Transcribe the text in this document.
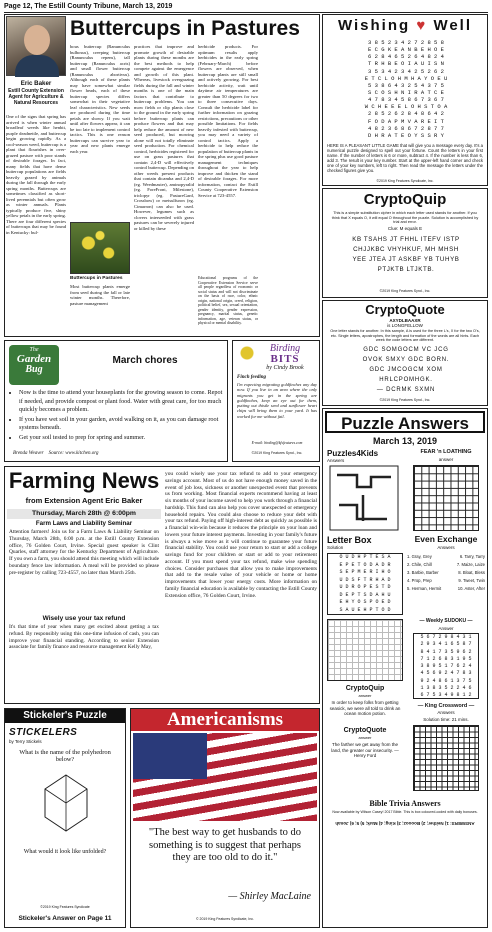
Page 12, The Estill County Tribune, March 13, 2019
Buttercups in Pastures
Eric Baker
Estill County Extension Agent for Agriculture & Natural Resources
One of the signs that spring has arrived is when winter annual broadleaf weeds like henbit, purple deadnettle, and buttercup begin growing rapidly. As a cool-season weed, buttercup is a plant that flourishes in over-grazed pasture with poor stands of desirable forages. In fact, many fields that have dense buttercup populations are fields heavily grazed by animals during the fall through the early spring months. Buttercups are sometimes classified as short-lived perennials but often grow as winter annuals. Plants typically produce five, shiny yellow petals in the early spring. There are four different species of buttercups that may be found in Kentucky: bul-
bous buttercup (Ranunculus bulbosus), creeping buttercup (Ranunculus repens), tall buttercup (Ranunculus acris) and small flower buttercup (Ranunculus abortivus). Although each of these plants may have somewhat similar flower heads, each of these buttercup species differs somewhat in their vegetative leaf characteristics. New seeds are produced during the time petals are showy. If you wait until after flowers appear, it can be too late to implement control tactics. This is one reason buttercups can survive year to year and new plants emerge each year.
Buttercups in Pastures
Most buttercup plants emerge from seed during the fall or late winter months. Therefore, pasture management
practices that improve and promote growth of desirable plants during these months are the best methods to help compete against the emergence and growth of this plant. Whereas, livestock overgrazing fields during the fall and winter months is one of the main factors that contribute to buttercup problems. You can mow fields or clip plants close to the ground in the early spring before buttercup plants can produce flowers and that may help reduce the amount of new seed produced, but mowing alone will not totally eliminate seed production. For chemical control, herbicides registered for use on grass pastures that contain 2,4-D will effectively control buttercup. Depending on other weeds present products that contain dicamba and 2,4-D (eg. Weedmaster), aminopyralid (eg. ForeFront, Milestone), triclopyr (eg. PastureGard, Crossbow) or metsulfuron (eg. Cimarron) can also be used. However, legumes such as clovers interseeded with grass pastures can be severely injured or killed by these
herbicide products. For optimum results apply herbicides in the early spring (February-March) before flowers are observed, when buttercup plants are still small and actively growing. For best herbicide activity, wait until daytime air temperatures are greater than 50 degrees for two to three consecutive days. Consult the herbicide label for further information on grazing restrictions, precautions or other possible limitations. For fields heavily infested with buttercup, you may need a variety of control tactics. Apply a herbicide to help reduce the population of buttercup plants in the spring plus use good pasture management techniques throughout the year to help improve and thicken the stand of desirable forages. For more information, contact the Estill County Cooperative Extension Service at 723-4557.
Educational programs of the Cooperative Extension Service serve all people regardless of economic or social status and will not discriminate on the basis of race, color, ethnic origin, national origin, creed, religion, political belief, sex, sexual orientation, gender identity, gender expression, pregnancy, marital status, genetic information, age, veteran status, or physical or mental disability.
Wishing ♥ Well
3 8 5 2 3 4 2 7 2 8 5 8
E C G K E A N B E H O E
6 2 8 4 6 5 2 6 4 8 2 4
T R H B E O I A U I S N
3 5 3 4 2 3 4 2 5 2 6 2
E T C L O H M H A Y O E U
5 3 8 6 4 3 2 5 4 3 7 5
S C O S H N I R A T C E
4 7 8 3 4 5 8 6 7 3 6 7
W C H E E E L O H S T O A
2 8 5 2 6 2 8 4 8 6 4 2
F O D A P M V A R E I T
4 8 2 3 6 8 6 7 2 8 7 7
D H R A T E O Y S S R Y
HERE IS A PLEASANT LITTLE GAME that will give you a message every day. It's a numerical puzzle designed to spell out your fortune. Count the letters in your first name. If the number of letters is 6 or more, subtract 4. If the number is less than 6, add 3. The result is your key number. Start at the upper-left hand corner and check one of your key numbers, left to right. Then read the message the letters under the checked figures give you.
©2019 King Features Syndicate, Inc.
CryptoQuip
This is a simple substitution cipher in which each letter used stands for another. If you think that X equals O, it will equal O throughout the puzzle. Solution is accomplished by trial and error.
Clue: M equals E
KB TSAHS JT FHHL ITEFV ISTP
CHJJKBC VHYHKUF, MH MHSH
YEE JTEA JT ASKBF YB TUHYB
PTJKTB LTJKTB.
©2019 King Features Synd., Inc.
CryptoQuote
AXYDLBAAXR
is LONGFELLOW
One letter stands for another. In this sample, A is used for the three L's, X for the two O's, etc. Single letters, apostrophes, the length and formation of the words are all hints. Each week the code letters are different.
GDC SOMGOCM VC JCG
OVOK SMXY GDC BORN.
GDC JMCOGCM XOM
HRLCPOMHGK.
— DCRMK SXMN
©2019 King Features Synd., Inc.
The
Garden
Bug
March chores
• Now is the time to attend your houseplants for the growing season to come. Repot if needed, and provide compost or plant food. Water with great care, for too much quickly becomes a problem.
• If you have wet soil in your garden, avoid walking on it, as you can damage root systems beneath.
• Get your soil tested to prep for spring and summer.
Brenda Weaver Source: www.kitchen.org
Birding
BITS
by Cindy Brook
Finch feeding
I'm expecting migrating goldfinches any day now. If you live in an area where the only migrants you get in the spring are goldfinches, keep an eye out for them, putting out thistle seed and sunflower heart chips will bring them to your yard. It has worked for me without fail.
E-mail: birding@kfsfeatures.com
©2019 King Features Synd., Inc.
Farming News
from Extension Agent Eric Baker
Thursday, March 28th @ 6:00pm
Farm Laws and Liability Seminar
Attention farmers! Join us for a Farm Laws & Liability Seminar on Thursday, March 28th, 6:00 p.m. at the Estill County Extension office, 76 Golden Court, Irvine. Special guest speaker is Clint Quarles, staff attorney for the Kentucky Department of Agriculture. If you own a farm, you should attend this meeting which will include boundary fence law information. A meal will be provided so please pre-register by calling 723-4557, no later than March 25th.
Wisely use your tax refund
It's that time of year when many get excited about getting a tax refund. By responsibly using this one-time infusion of cash, you can improve your financial standing. According to senior Extension associate for family finance and resource management Kelly May,
you could wisely use your tax refund to add to your emergency savings account. Most of us do not have enough money saved in the event of job loss, sickness or another unexpected event that prevents us from working. Most financial experts recommend having at least six months of your income saved to help you work through a financial hardship. This fund can also help you cover unexpected or emergency household repairs. You could also choose to reduce your debt with your tax refund. Paying off high-interest debt as quickly as possible is a financial win-win because it reduces the principle on your loan and lowers your future interest payments. Investing in your family's future is always a wise move as it will continue to guarantee your future financial stability. You could use your return to start or add a college savings fund for your children or start or add to your retirement account. If you must spend your tax refund, make wise spending choices. Consider purchases that allow you to make improvements that add to the resale value of your vehicle or home or home improvements that lower your energy costs. More information on family financial education is available by contacting the Estill County Extension office, 76 Golden Court, Irvine.
Stickeler's Puzzle
STICKELERS
by Terry Stickels
What is the name of the polyhedron below?
What would it look like unfolded?
©2019 King Features Syndicate
Stickeler's Answer on Page 11
Americanisms
"The best way to get husbands to do something is to suggest that perhaps they are too old to do it."
— Shirley MacLaine
© 2019 King Features Syndicate, Inc.
Puzzle Answers
March 13, 2019
Puzzles4Kids
Answers
FEAR 'n LOATHING
answer
Letter Box
Solution
O U D H P T E S A
E P E T O D A D R
S E P M E R I H O
U D S F T R H A D
U D R O P E S T D
D E P T S D A H U
E H Y O S P O E D
S A U E H P T O D
Even Exchange
Answers
1. Gray, Grey	6. Tarry, Tarry
2. Chile, Chill	7. Maize, Laize
3. Barbie, Barber	8. Bloat, Bless
4. Prop, Prep	9. Tweet, Twin
5. Herman, Hermit	10. Aster, After
— Weekly SUDOKU —
Answer
5 6 7 2 9 8 4 3 1
2 9 3 4 1 6 5 8 7
8 4 1 7 3 5 9 6 2
7 1 2 6 8 3 1 9 5
3 8 9 5 1 7 6 2 4
4 5 6 9 2 4 7 8 3
9 2 4 8 6 1 3 7 5
1 3 8 3 5 2 2 4 6
6 7 5 3 4 9 8 1 2
— King Crossword —
Answers
Solution time: 21 mins.
CryptoQuip
answer
In order to keep folks from getting seasick, we were all told to drink an ocean motion potion.
CryptoQuote
answer
The farther we get away from the land, the greater our insecurity. — Henry Ford
Bible Trivia Answers
Now available by Wilson Casey! 2017 Bible. This is box coloured-coded with daily bonuses.
ANSWERS: 1) Neither; 2) Booooz; 3) King; 4) Mark; 5) 5; 6) Jonah
